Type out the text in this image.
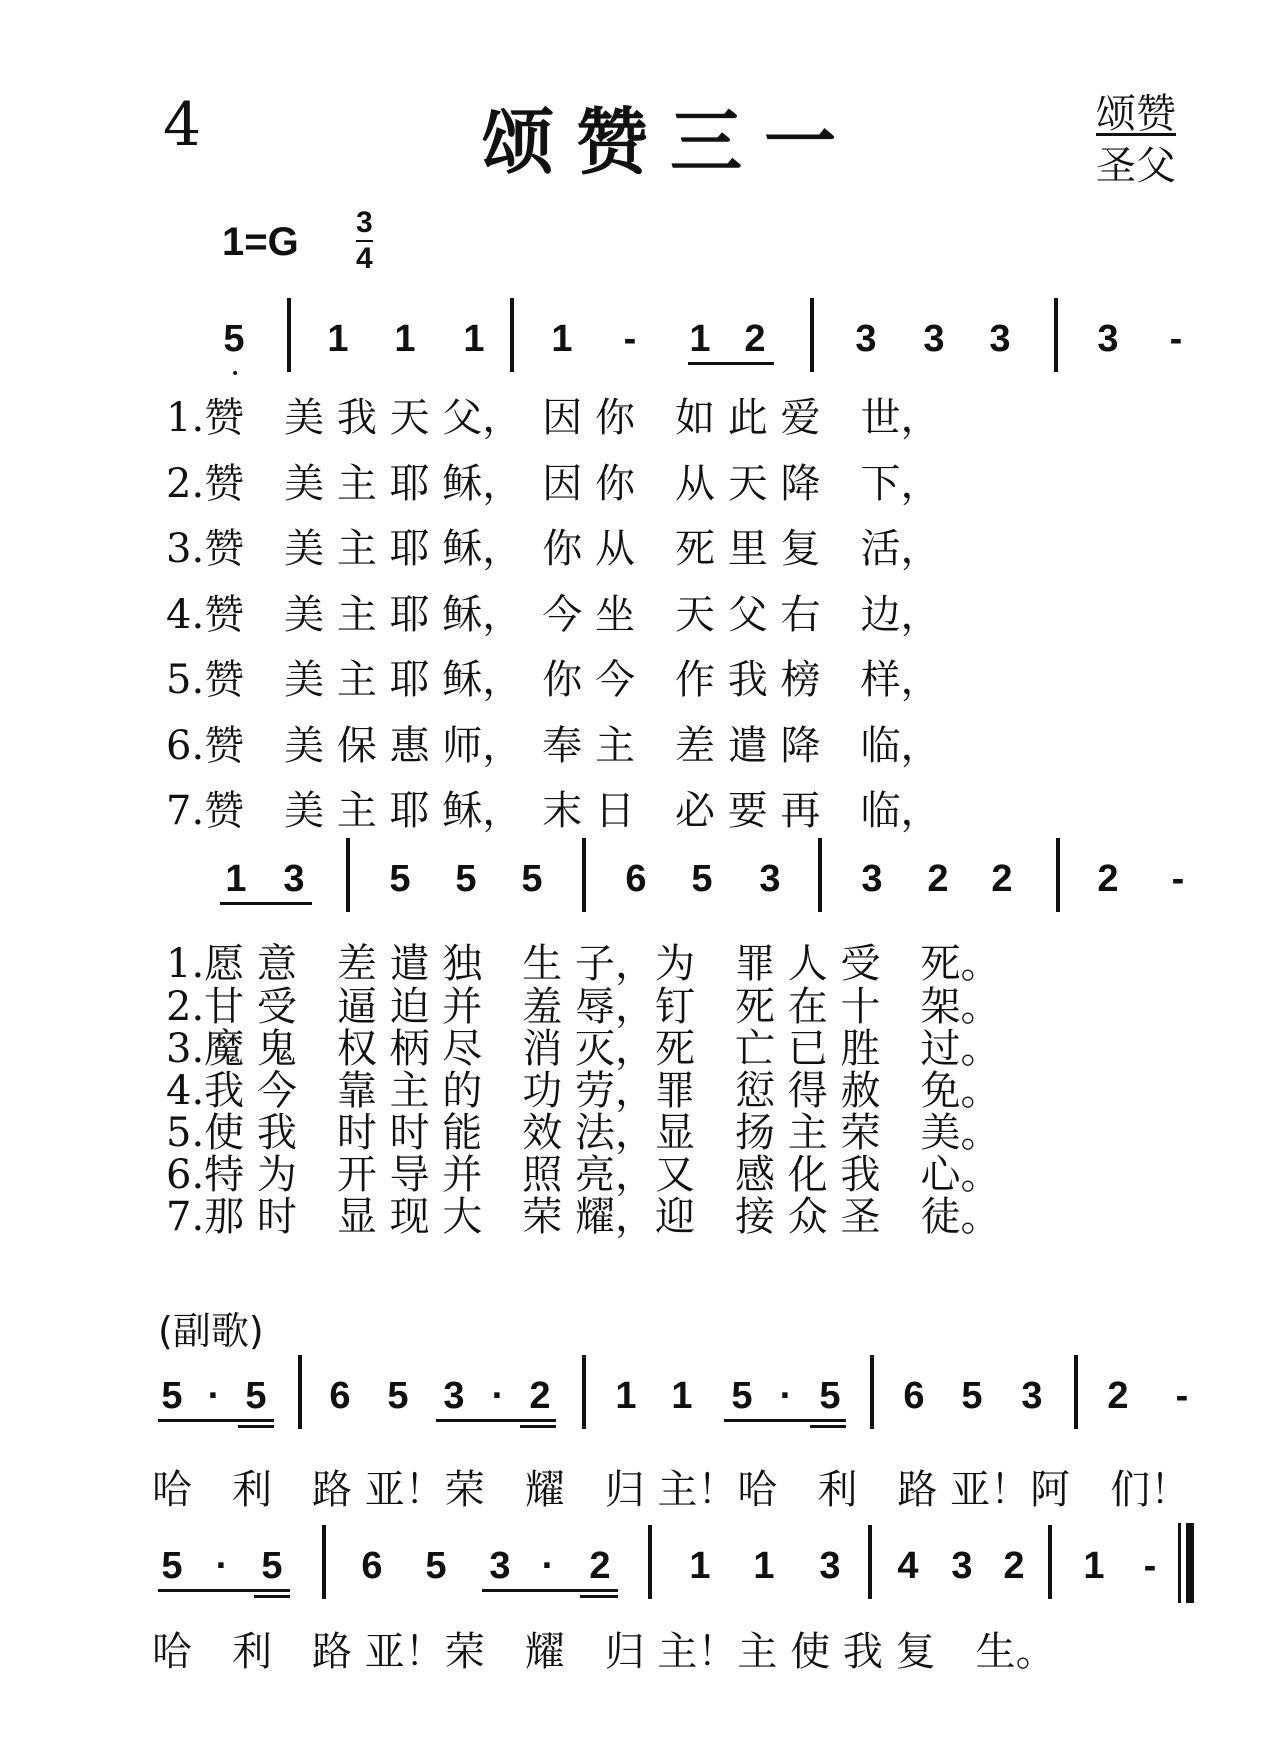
4	颂赞三一	颂赞
圣父
1=G 3
4
5
•
1 1 1 1	-	1 2 3 3 3 3	-
1.赞　美 我 天 父，　因 你　如 此 爱　世，
2.赞　美 主 耶 稣，　因 你　从 天 降　下，
3.赞　美 主 耶 稣，　你 从　死 里 复　活，
4.赞　美 主 耶 稣，　今 坐　天 父 右　边，
5.赞　美 主 耶 稣，　你 今　作 我 榜　样，
6.赞　美 保 惠 师，　奉 主　差 遣 降　临，
7.赞　美 主 耶 稣，　末 日　必 要 再　临，
1 3 5 5 5 6 5 3 3 2 2 2	-
1.愿 意　差 遣 独　生 子，为　罪 人 受　死。
2.甘 受　逼 迫 并　羞 辱，钉　死 在 十　架。
3.魔 鬼　权 柄 尽　消 灭，死　亡 已 胜　过。
4.我 今　靠 主 的　功 劳，罪　愆 得 赦　免。
5.使 我　时 时 能　效 法，显　扬 主 荣　美。
6.特 为　开 导 并　照 亮，又　感 化 我　心。
7.那 时　显 现 大　荣 耀，迎　接 众 圣　徒。
(副歌)
5 · 5 6 5 3 · 2 1 1 5 · 5 6 5 3 2	-
哈　利　路 亚！荣　耀　归 主！哈　利　路 亚！阿　们！
5 · 5 6 5 3 · 2 1 1 3 4 3 2 1	-
哈　利　路 亚！荣　耀　归 主！主 使 我 复　生。
